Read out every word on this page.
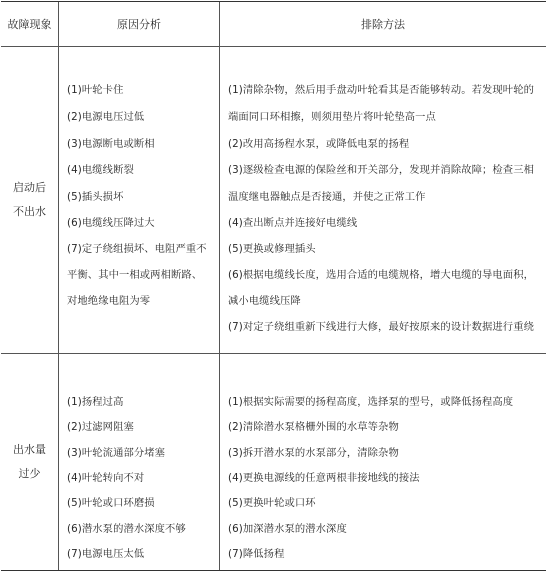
故障现象	原因分析	排除方法
启动后
不出水
(1)叶轮卡住
(2)电源电压过低
(3)电源断电或断相
(4)电缆线断裂
(5)插头损坏
(6)电缆线压降过大
(7)定子绕组损坏、电阻严重不
平衡、其中一相或两相断路、
对地绝缘电阻为零
(1)清除杂物，然后用手盘动叶轮看其是否能够转动。若发现叶轮的
端面同口环相擦，则须用垫片将叶轮垫高一点
(2)改用高扬程水泵，或降低电泵的扬程
(3)逐级检查电源的保险丝和开关部分，发现并消除故障；检查三相
温度继电器触点是否接通，并使之正常工作
(4)查出断点并连接好电缆线
(5)更换或修理插头
(6)根据电缆线长度，选用合适的电缆规格，增大电缆的导电面积，
减小电缆线压降
(7)对定子绕组重新下线进行大修，最好按原来的设计数据进行重绕
出水量
过少
(1)扬程过高
(2)过滤网阻塞
(3)叶轮流通部分堵塞
(4)叶轮转向不对
(5)叶轮或口环磨损
(6)潜水泵的潜水深度不够
(7)电源电压太低
(1)根据实际需要的扬程高度，选择泵的型号，或降低扬程高度
(2)清除潜水泵格栅外围的水草等杂物
(3)拆开潜水泵的水泵部分，清除杂物
(4)更换电源线的任意两根非接地线的接法
(5)更换叶轮或口环
(6)加深潜水泵的潜水深度
(7)降低扬程
